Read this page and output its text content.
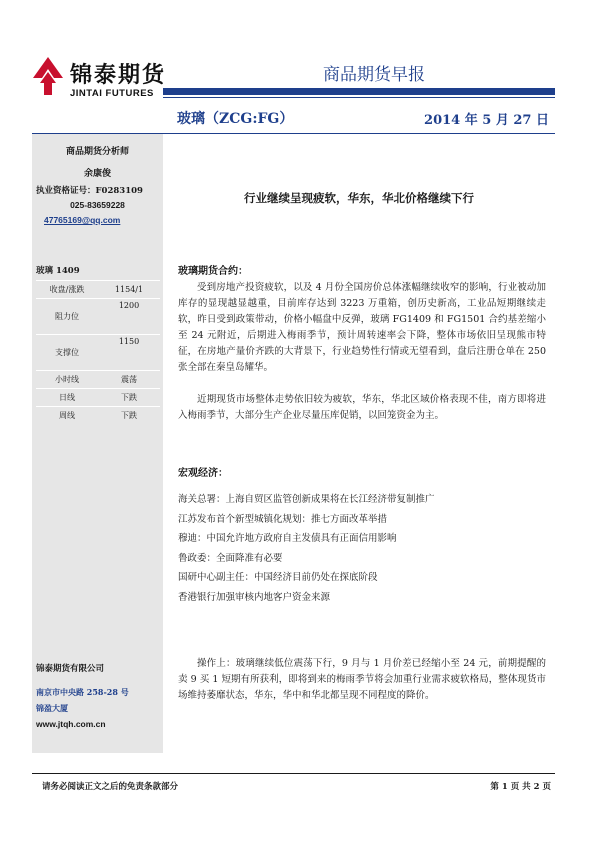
锦泰期货
JINTAI FUTURES
商品期货早报
玻璃（ZCG:FG）	2014 年 5 月 27 日
商品期货分析师
余康俊
执业资格证号：F0283109
025-83659228
47765169@qq.com
玻璃 1409
收盘/涨跌	1154/1
阻力位	1200
支撑位	1150
小时线	震荡
日线	下跌
周线	下跌
锦泰期货有限公司
南京市中央路 258-28 号
锦盈大厦
www.jtqh.com.cn
行业继续呈现疲软，华东，华北价格继续下行
玻璃期货合约：

受到房地产投资疲软，以及 4 月份全国房价总体涨幅继续收窄的影响，行业被动加库存的显现越显越重，目前库存达到 3223 万重箱，创历史新高，工业品短期继续走软，昨日受到政策带动，价格小幅盘中反弹，玻璃 FG1409 和 FG1501 合约基差缩小至 24 元附近，后期进入梅雨季节，预计周转速率会下降，整体市场依旧呈现熊市特征，在房地产量价齐跌的大背景下，行业趋势性行情或无望看到，盘后注册仓单在 250 张全部在秦皇岛耀华。

近期现货市场整体走势依旧较为疲软，华东，华北区域价格表现不佳，南方即将进入梅雨季节，大部分生产企业尽量压库促销，以回笼资金为主。

宏观经济：
海关总署：上海自贸区监管创新成果将在长江经济带复制推广
江苏发布首个新型城镇化规划：推七方面改革举措
穆迪：中国允许地方政府自主发债具有正面信用影响
鲁政委：全面降准有必要
国研中心副主任：中国经济目前仍处在探底阶段
香港银行加强审核内地客户资金来源

操作上：玻璃继续低位震荡下行，9 月与 1 月价差已经缩小至 24 元，前期提醒的卖 9 买 1 短期有所获利，即将到来的梅雨季节将会加重行业需求疲软格局，整体现货市场维持萎靡状态，华东，华中和华北都呈现不同程度的降价。

请务必阅读正文之后的免责条款部分	第 1 页 共 2 页
